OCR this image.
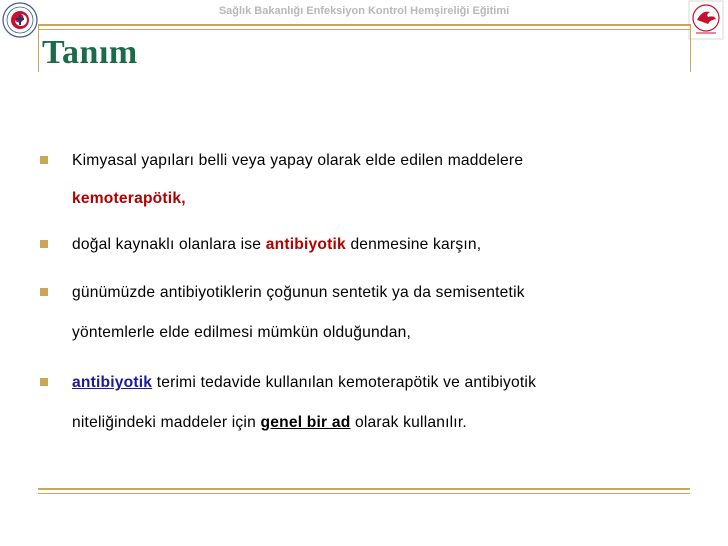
Sağlık Bakanlığı Enfeksiyon Kontrol Hemşireliği Eğitimi
Tanım
Kimyasal yapıları belli veya yapay olarak elde edilen maddelere
kemoterapötik,
doğal kaynaklı olanlara ise antibiyotik denmesine karşın,
günümüzde antibiyotiklerin çoğunun sentetik ya da semisentetik
yöntemlerle elde edilmesi mümkün olduğundan,
antibiyotik terimi tedavide kullanılan kemoterapötik ve antibiyotik
niteliğindeki maddeler için genel bir ad olarak kullanılır.
